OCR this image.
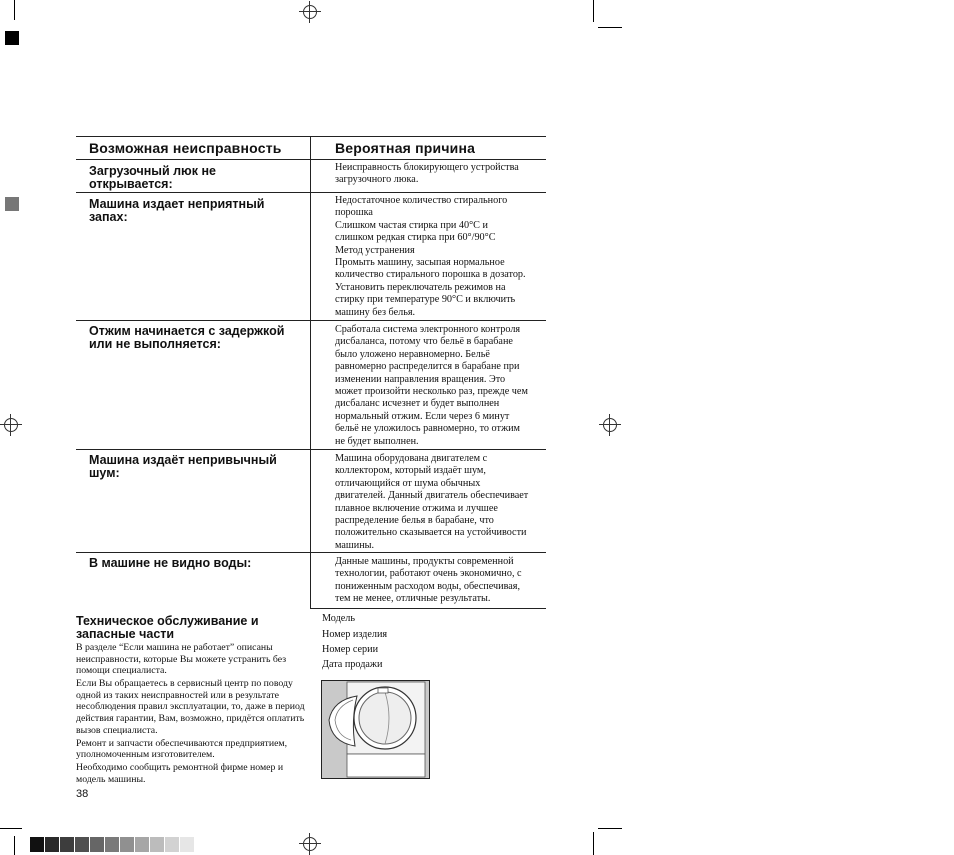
Возможная неисправность	Вероятная причина
Загрузочный люк не открывается:
Неисправность блокирующего устройства
загрузочного люка.
Машина издает неприятный запах:
Недостаточное количество стирального
порошка
Слишком частая стирка при 40°C и
слишком редкая стирка при 60°/90°C
Метод устранения
Промыть машину, засыпая нормальное
количество стирального порошка в дозатор.
Установить переключатель режимов на
стирку при температуре 90°C и включить
машину без белья.
Отжим начинается с задержкой или не выполняется:
Сработала система электронного контроля
дисбаланса, потому что бельё в барабане
было уложено неравномерно. Бельё
равномерно распределится в барабане при
изменении направления вращения. Это
может произойти несколько раз, прежде чем
дисбаланс исчезнет и будет выполнен
нормальный отжим. Если через 6 минут
бельё не уложилось равномерно, то отжим
не будет выполнен.
Машина издаёт непривычный шум:
Машина оборудована двигателем с
коллектором, который издаёт шум,
отличающийся от шума обычных
двигателей. Данный двигатель обеспечивает
плавное включение отжима и лучшее
распределение белья в барабане, что
положительно сказывается на устойчивости
машины.
В машине не видно воды:	Данные машины, продукты современной
технологии, работают очень экономично, с
пониженным расходом воды, обеспечивая,
тем не менее, отличные результаты.
Техническое обслуживание и запасные части

В разделе “Если машина не работает” описаны неисправности, которые Вы можете устранить без помощи специалиста.

Если Вы обращаетесь в сервисный центр по поводу одной из таких неисправностей или в результате несоблюдения правил эксплуатации, то, даже в период действия гарантии, Вам, возможно, придётся оплатить вызов специалиста.

Ремонт и запчасти обеспечиваются предприятием, уполномоченным изготовителем.

Необходимо сообщить ремонтной фирме номер и модель машины.

Модель
Номер изделия
Номер серии
Дата продажи
38
